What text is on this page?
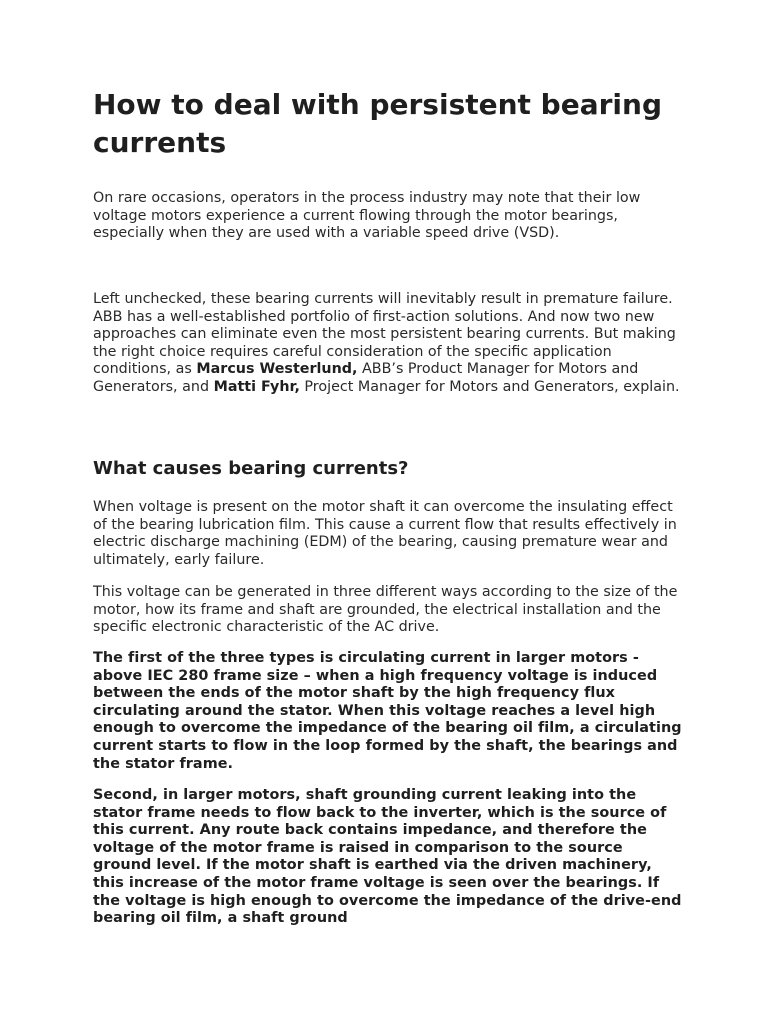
How to deal with persistent bearing currents

On rare occasions, operators in the process industry may note that their low voltage motors experience a current flowing through the motor bearings, especially when they are used with a variable speed drive (VSD).

Left unchecked, these bearing currents will inevitably result in premature failure. ABB has a well-established portfolio of first-action solutions. And now two new approaches can eliminate even the most persistent bearing currents. But making the right choice requires careful consideration of the specific application conditions, as Marcus Westerlund, ABB’s Product Manager for Motors and Generators, and Matti Fyhr, Project Manager for Motors and Generators, explain.

What causes bearing currents?

When voltage is present on the motor shaft it can overcome the insulating effect of the bearing lubrication film. This cause a current flow that results effectively in electric discharge machining (EDM) of the bearing, causing premature wear and ultimately, early failure.

This voltage can be generated in three different ways according to the size of the motor, how its frame and shaft are grounded, the electrical installation and the specific electronic characteristic of the AC drive.

The first of the three types is circulating current in larger motors - above IEC 280 frame size – when a high frequency voltage is induced between the ends of the motor shaft by the high frequency flux circulating around the stator. When this voltage reaches a level high enough to overcome the impedance of the bearing oil film, a circulating current starts to flow in the loop formed by the shaft, the bearings and the stator frame.

Second, in larger motors, shaft grounding current leaking into the stator frame needs to flow back to the inverter, which is the source of this current. Any route back contains impedance, and therefore the voltage of the motor frame is raised in comparison to the source ground level. If the motor shaft is earthed via the driven machinery, this increase of the motor frame voltage is seen over the bearings. If the voltage is high enough to overcome the impedance of the drive-end bearing oil film, a shaft ground
